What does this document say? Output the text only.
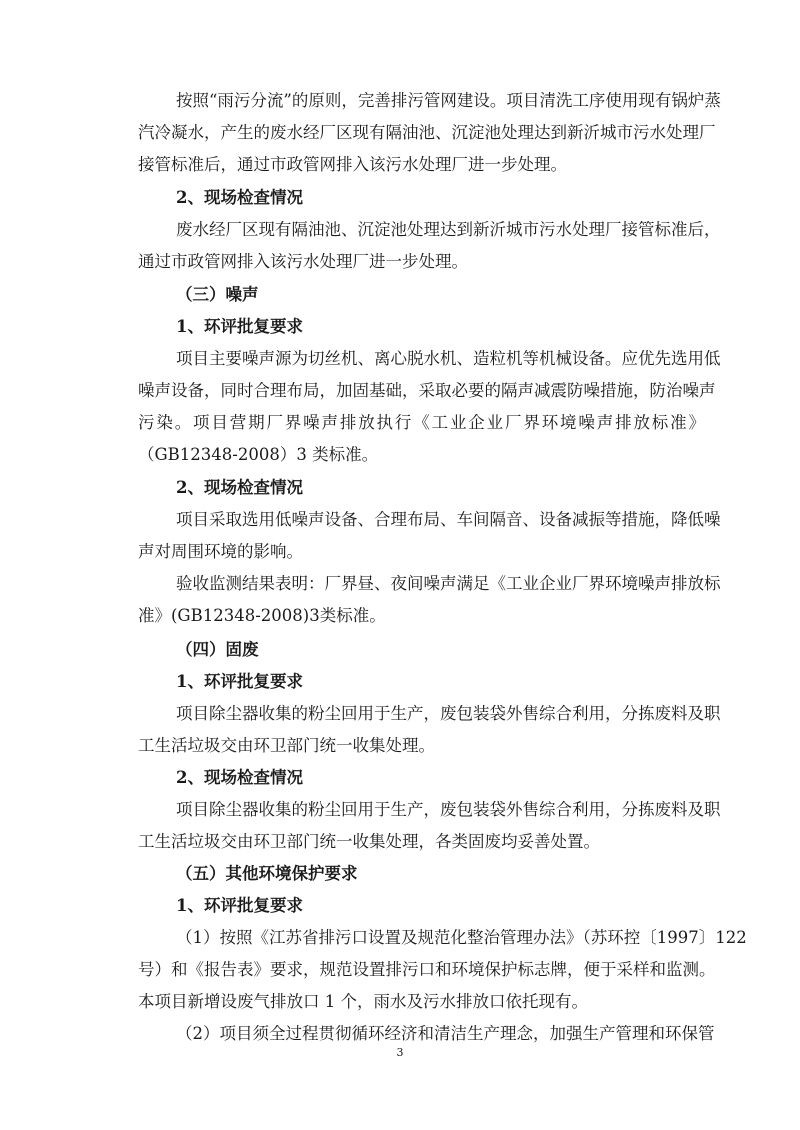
按照“雨污分流”的原则，完善排污管网建设。项目清洗工序使用现有锅炉蒸

汽冷凝水，产生的废水经厂区现有隔油池、沉淀池处理达到新沂城市污水处理厂

接管标准后，通过市政管网排入该污水处理厂进一步处理。

2、现场检查情况

废水经厂区现有隔油池、沉淀池处理达到新沂城市污水处理厂接管标准后，

通过市政管网排入该污水处理厂进一步处理。

（三）噪声

1、环评批复要求

项目主要噪声源为切丝机、离心脱水机、造粒机等机械设备。应优先选用低

噪声设备，同时合理布局，加固基础，采取必要的隔声减震防噪措施，防治噪声

污染。项目营期厂界噪声排放执行《工业企业厂界环境噪声排放标准》

（GB12348-2008）3 类标准。

2、现场检查情况

项目采取选用低噪声设备、合理布局、车间隔音、设备减振等措施，降低噪

声对周围环境的影响。

验收监测结果表明：厂界昼、夜间噪声满足《工业企业厂界环境噪声排放标

准》(GB12348-2008)3类标准。

（四）固废

1、环评批复要求

项目除尘器收集的粉尘回用于生产，废包装袋外售综合利用，分拣废料及职

工生活垃圾交由环卫部门统一收集处理。

2、现场检查情况

项目除尘器收集的粉尘回用于生产，废包装袋外售综合利用，分拣废料及职

工生活垃圾交由环卫部门统一收集处理，各类固废均妥善处置。

（五）其他环境保护要求

1、环评批复要求

（1）按照《江苏省排污口设置及规范化整治管理办法》（苏环控〔1997〕122

号）和《报告表》要求，规范设置排污口和环境保护标志牌，便于采样和监测。

本项目新增设废气排放口 1 个，雨水及污水排放口依托现有。

（2）项目须全过程贯彻循环经济和清洁生产理念，加强生产管理和环保管

3
